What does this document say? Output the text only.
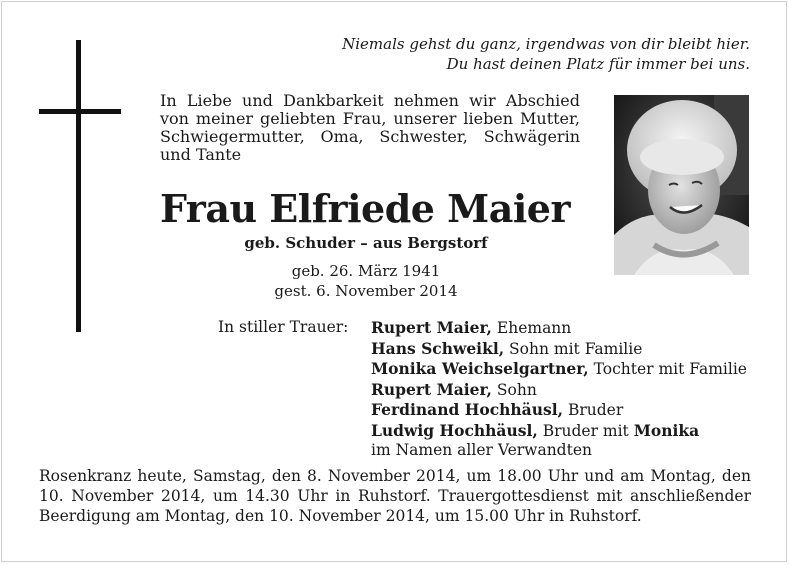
Niemals gehst du ganz, irgendwas von dir bleibt hier.
Du hast deinen Platz für immer bei uns.
In Liebe und Dankbarkeit nehmen wir Abschied von meiner geliebten Frau, unserer lieben Mutter, Schwiegermutter, Oma, Schwester, Schwägerin und Tante
Frau Elfriede Maier
geb. Schuder – aus Bergstorf
geb. 26. März 1941
gest. 6. November 2014
In stiller Trauer: Rupert Maier, Ehemann
Hans Schweikl, Sohn mit Familie
Monika Weichselgartner, Tochter mit Familie
Rupert Maier, Sohn
Ferdinand Hochhäusl, Bruder
Ludwig Hochhäusl, Bruder mit Monika
im Namen aller Verwandten
Rosenkranz heute, Samstag, den 8. November 2014, um 18.00 Uhr und am Montag, den 10. November 2014, um 14.30 Uhr in Ruhstorf. Trauergottesdienst mit anschließender Beerdigung am Montag, den 10. November 2014, um 15.00 Uhr in Ruhstorf.
